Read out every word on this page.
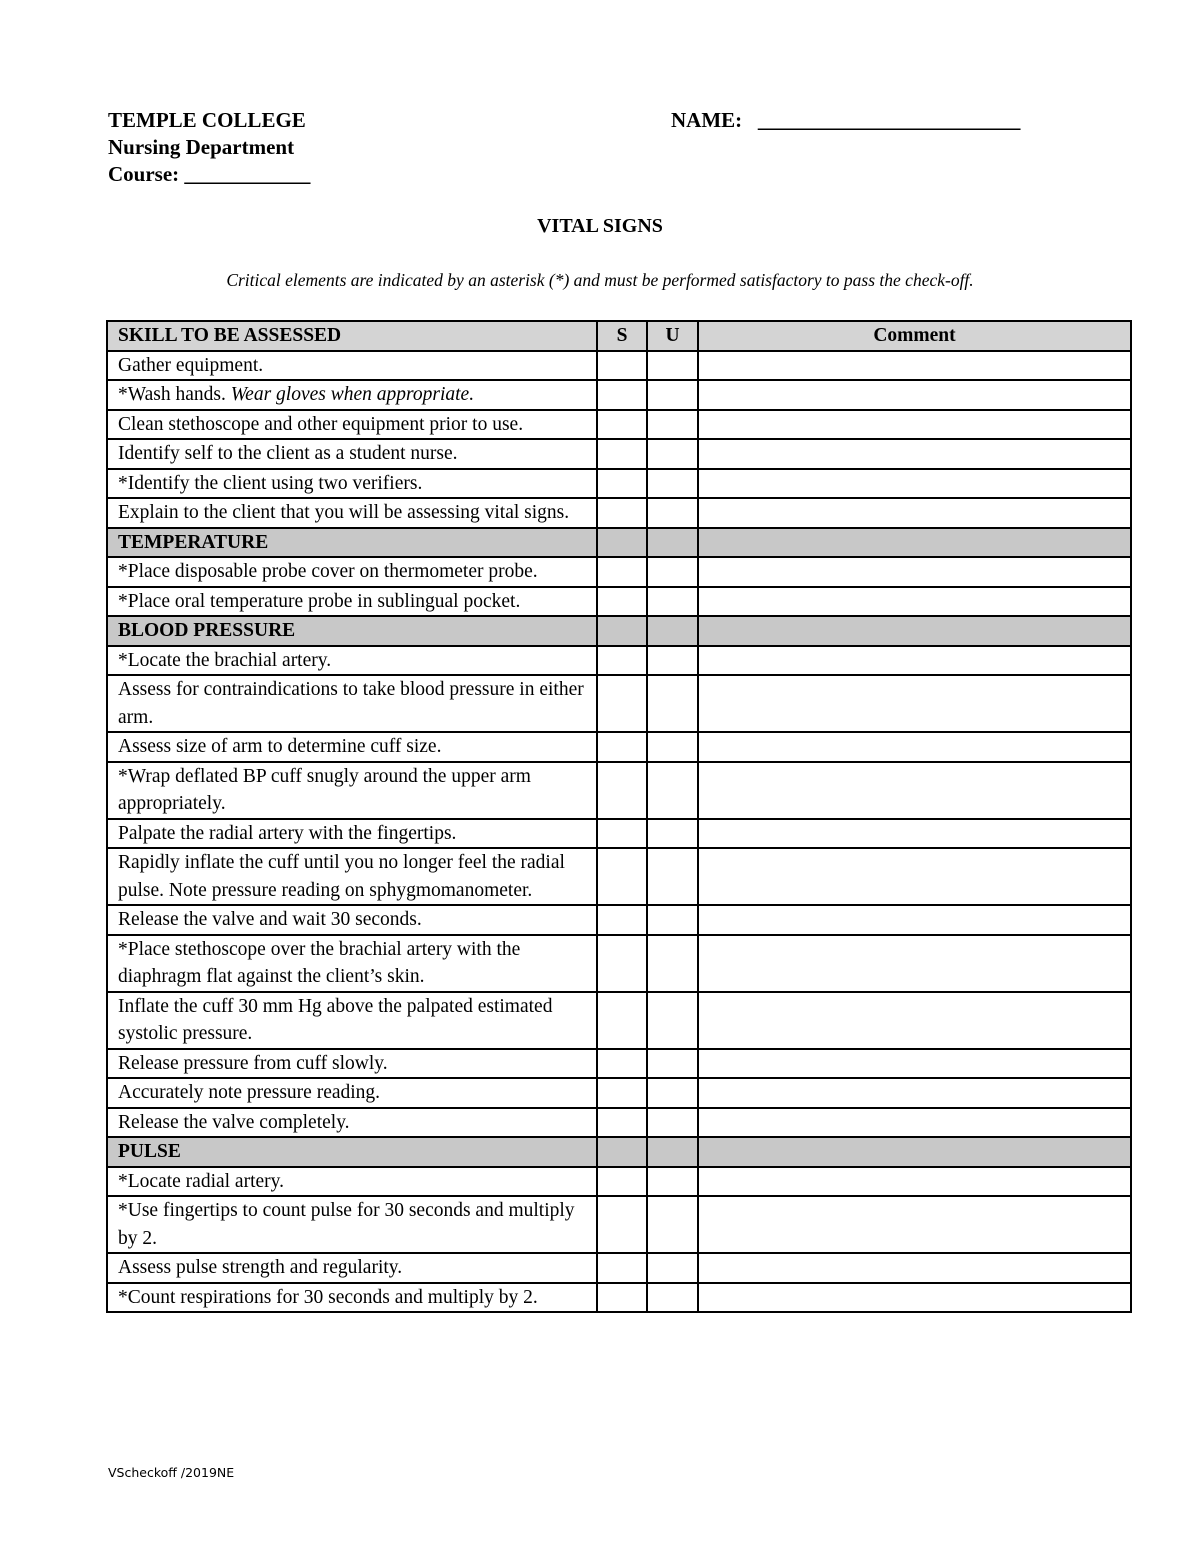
TEMPLE COLLEGE
Nursing Department
Course: ____________
NAME: _________________________
VITAL SIGNS
Critical elements are indicated by an asterisk (*) and must be performed satisfactory to pass the check-off.
SKILL TO BE ASSESSED	S	U	Comment
Gather equipment.			
*Wash hands. Wear gloves when appropriate.			
Clean stethoscope and other equipment prior to use.			
Identify self to the client as a student nurse.			
*Identify the client using two verifiers.			
Explain to the client that you will be assessing vital signs.			
TEMPERATURE			
*Place disposable probe cover on thermometer probe.			
*Place oral temperature probe in sublingual pocket.			
BLOOD PRESSURE			
*Locate the brachial artery.			
Assess for contraindications to take blood pressure in either arm.			
Assess size of arm to determine cuff size.			
*Wrap deflated BP cuff snugly around the upper arm appropriately.			
Palpate the radial artery with the fingertips.			
Rapidly inflate the cuff until you no longer feel the radial pulse. Note pressure reading on sphygmomanometer.			
Release the valve and wait 30 seconds.			
*Place stethoscope over the brachial artery with the diaphragm flat against the client’s skin.			
Inflate the cuff 30 mm Hg above the palpated estimated systolic pressure.			
Release pressure from cuff slowly.			
Accurately note pressure reading.			
Release the valve completely.			
PULSE			
*Locate radial artery.			
*Use fingertips to count pulse for 30 seconds and multiply by 2.			
Assess pulse strength and regularity.			
*Count respirations for 30 seconds and multiply by 2.			
VScheckoff /2019NE
